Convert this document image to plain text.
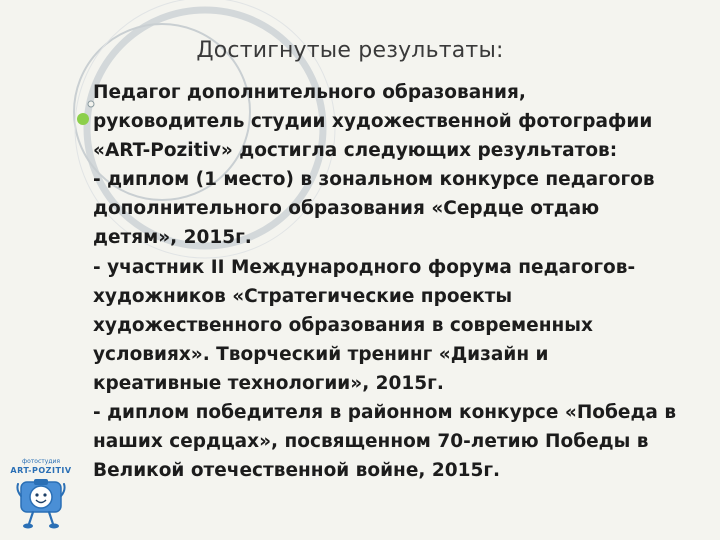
Достигнутые результаты:
Педагог дополнительного образования,
руководитель студии художественной фотографии
«ART-Pozitiv» достигла следующих результатов:
- диплом (1 место) в зональном конкурсе педагогов
дополнительного образования «Сердце отдаю
детям», 2015г.
- участник II Международного форума педагогов-
художников «Стратегические проекты
художественного образования в современных
условиях». Творческий тренинг «Дизайн и
креативные технологии», 2015г.
- диплом победителя в районном конкурсе «Победа в
наших сердцах», посвященном 70-летию Победы в
Великой отечественной войне, 2015г.
фотостудия
ART-POZITIV
